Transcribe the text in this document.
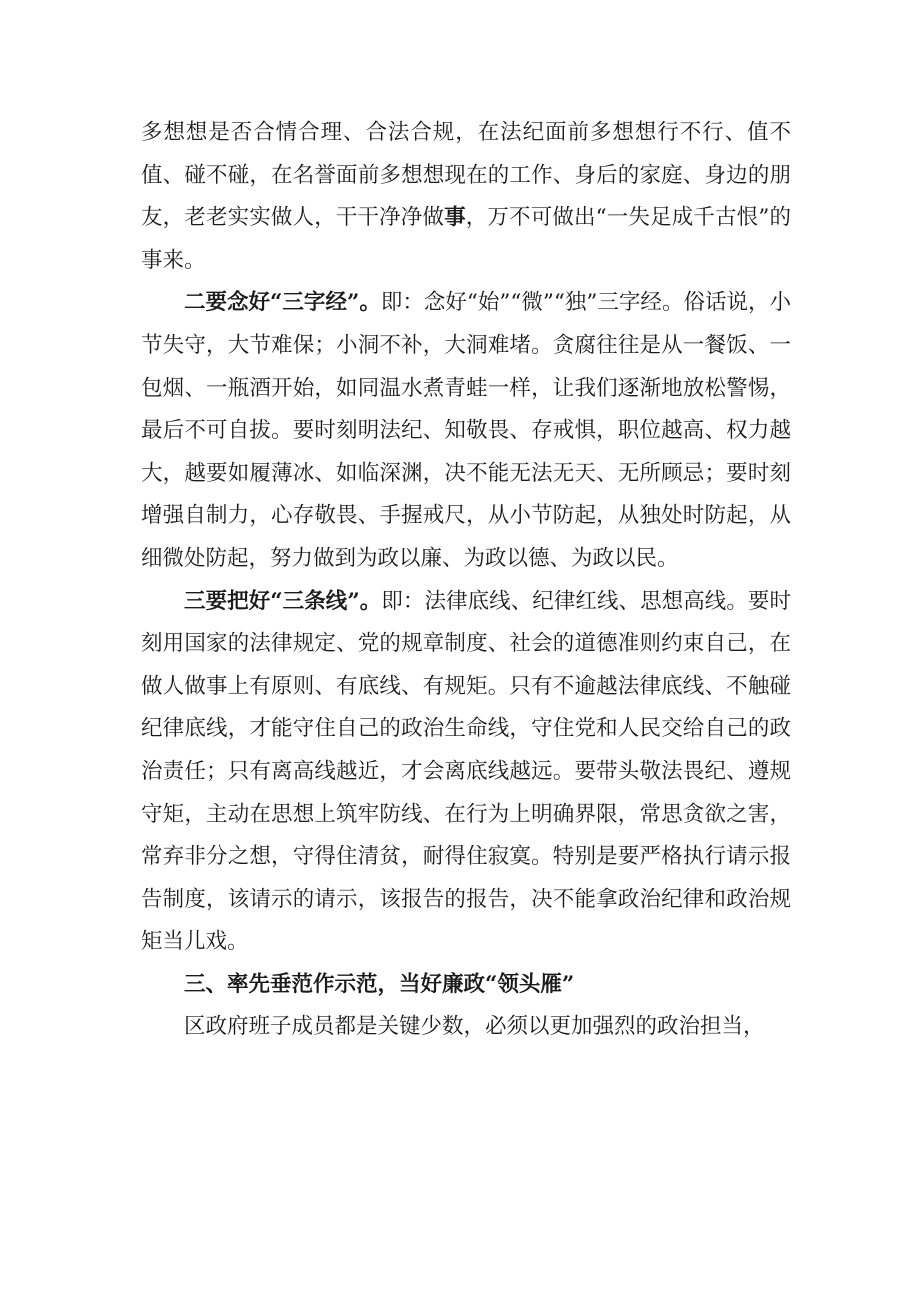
多想想是否合情合理、合法合规，在法纪面前多想想行不行、值不值、碰不碰，在名誉面前多想想现在的工作、身后的家庭、身边的朋友，老老实实做人，干干净净做事，万不可做出“一失足成千古恨”的事来。

二要念好“三字经”。即：念好“始”“微”“独”三字经。俗话说，小节失守，大节难保；小洞不补，大洞难堵。贪腐往往是从一餐饭、一包烟、一瓶酒开始，如同温水煮青蛙一样，让我们逐渐地放松警惕，最后不可自拔。要时刻明法纪、知敬畏、存戒惧，职位越高、权力越大，越要如履薄冰、如临深渊，决不能无法无天、无所顾忌；要时刻增强自制力，心存敬畏、手握戒尺，从小节防起，从独处时防起，从细微处防起，努力做到为政以廉、为政以德、为政以民。

三要把好“三条线”。即：法律底线、纪律红线、思想高线。要时刻用国家的法律规定、党的规章制度、社会的道德准则约束自己，在做人做事上有原则、有底线、有规矩。只有不逾越法律底线、不触碰纪律底线，才能守住自己的政治生命线，守住党和人民交给自己的政治责任；只有离高线越近，才会离底线越远。要带头敬法畏纪、遵规守矩，主动在思想上筑牢防线、在行为上明确界限，常思贪欲之害，常弃非分之想，守得住清贫，耐得住寂寞。特别是要严格执行请示报告制度，该请示的请示，该报告的报告，决不能拿政治纪律和政治规矩当儿戏。

三、率先垂范作示范，当好廉政“领头雁”

区政府班子成员都是关键少数，必须以更加强烈的政治担当，
